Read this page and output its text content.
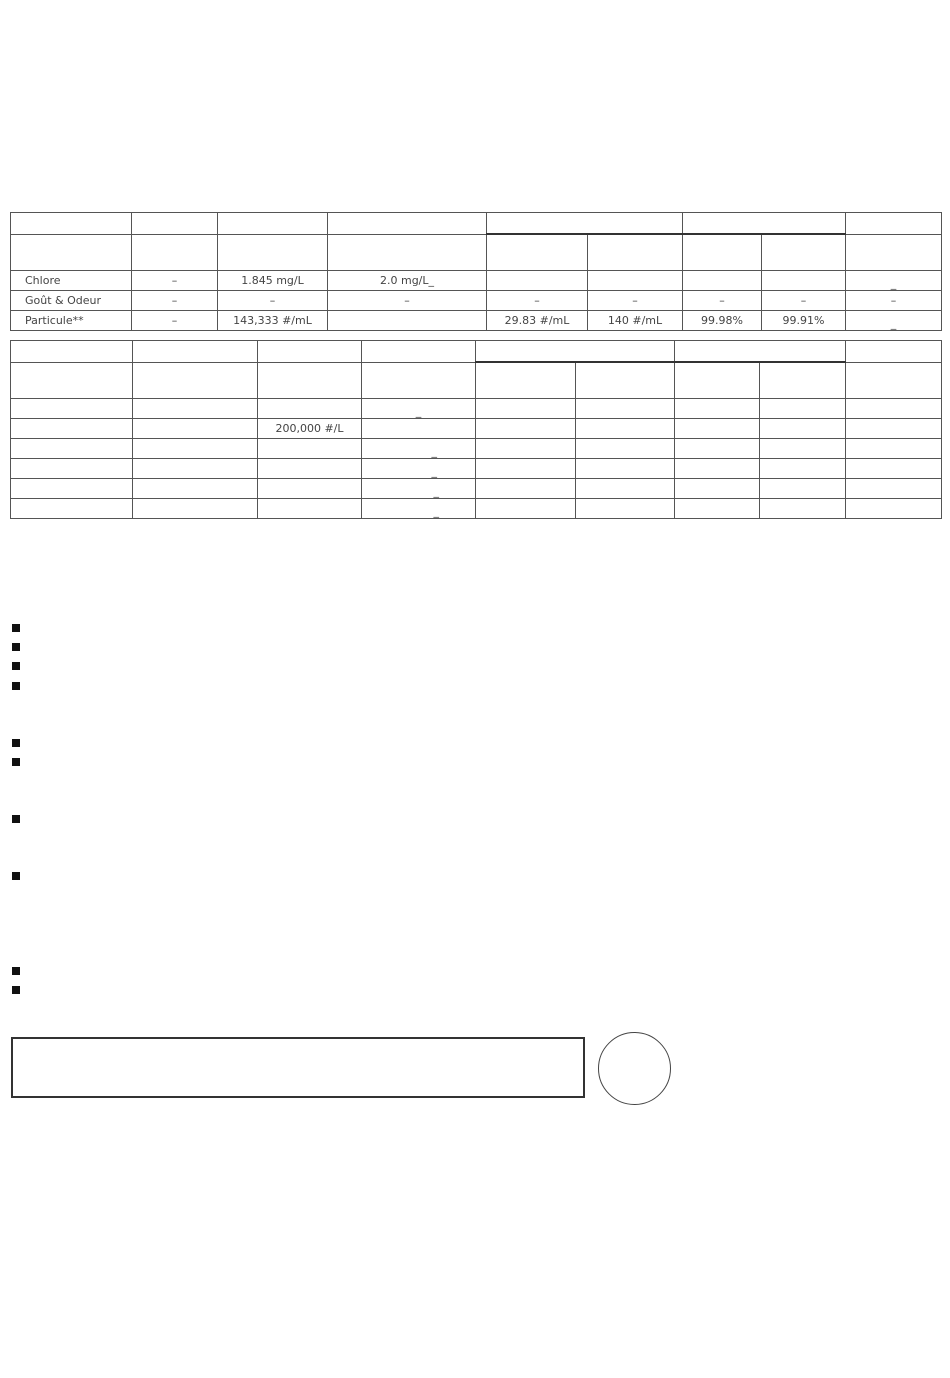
Chlore	–	1.845 mg/L	2.0 mg/L_					_
Goût & Odeur	–	–	–	–	–	–	–	–
Particule**	–	143,333 #/mL		29.83 #/mL	140 #/mL	99.98%	99.91%	_

			_					
		200,000 #/L						
			_					
			_					
			_					
			_					
